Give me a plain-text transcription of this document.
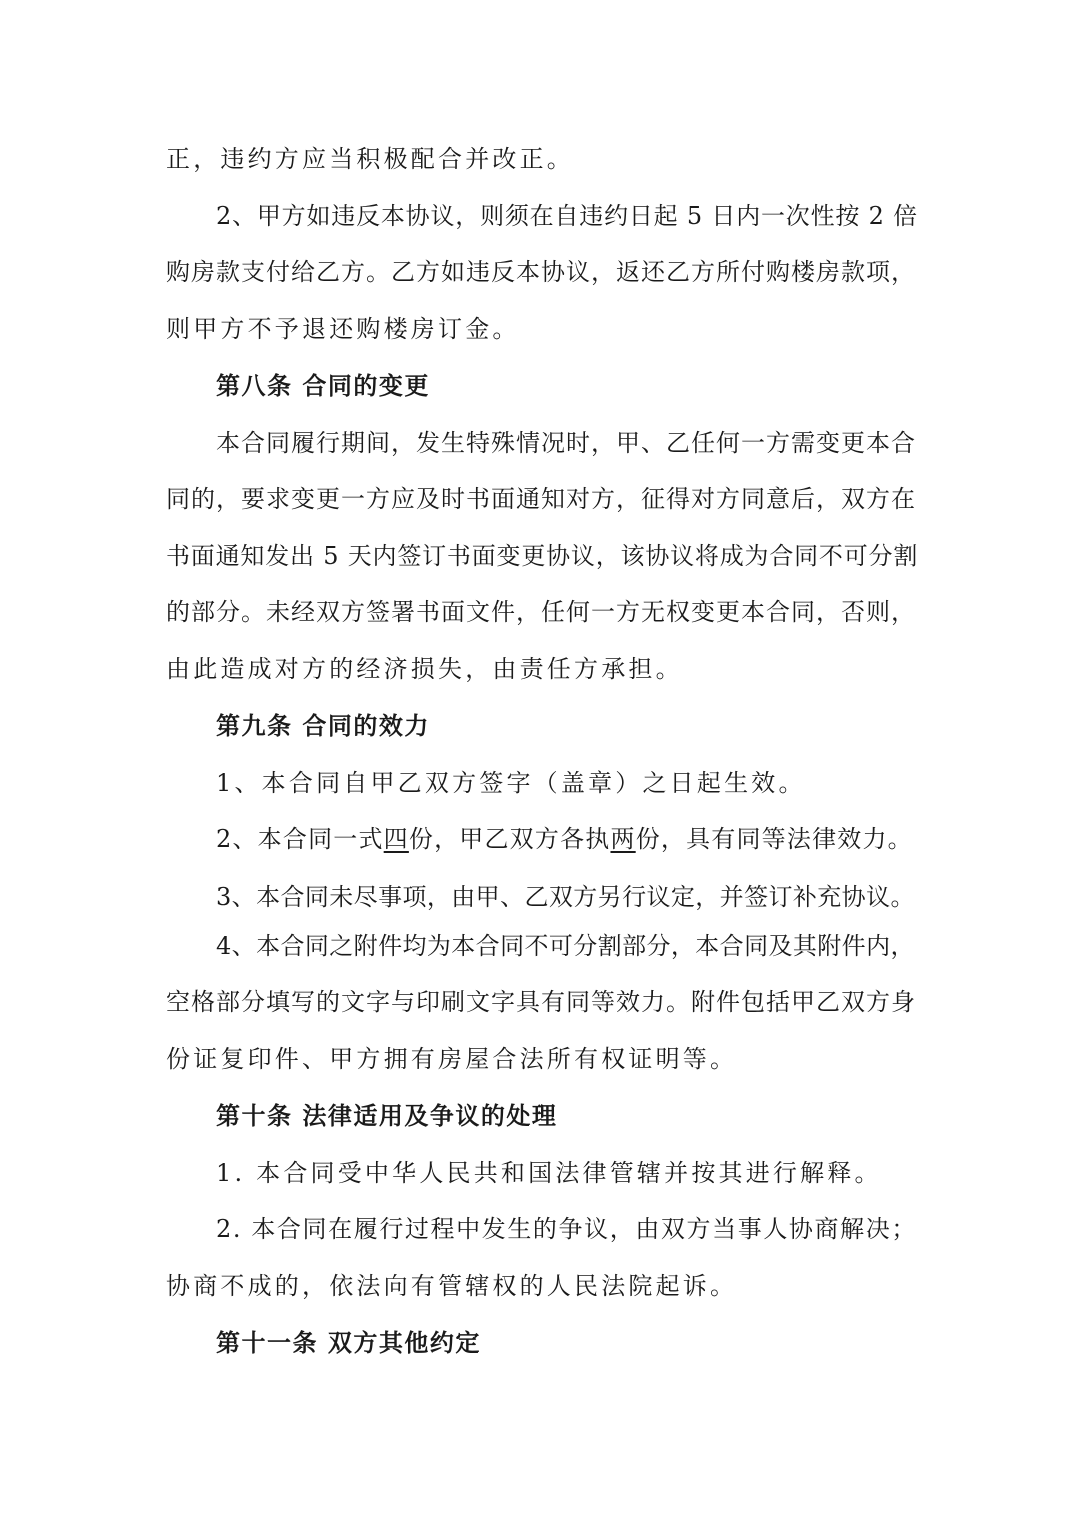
正，违约方应当积极配合并改正。

2、甲方如违反本协议，则须在自违约日起 5 日内一次性按 2 倍

购房款支付给乙方。乙方如违反本协议，返还乙方所付购楼房款项，

则甲方不予退还购楼房订金。

第八条 合同的变更

本合同履行期间，发生特殊情况时，甲、乙任何一方需变更本合

同的，要求变更一方应及时书面通知对方，征得对方同意后，双方在

书面通知发出 5 天内签订书面变更协议，该协议将成为合同不可分割

的部分。未经双方签署书面文件，任何一方无权变更本合同，否则，

由此造成对方的经济损失，由责任方承担。

第九条 合同的效力

1、本合同自甲乙双方签字（盖章）之日起生效。

2、本合同一式四份，甲乙双方各执两份，具有同等法律效力。

3、本合同未尽事项，由甲、乙双方另行议定，并签订补充协议。

4、本合同之附件均为本合同不可分割部分，本合同及其附件内，

空格部分填写的文字与印刷文字具有同等效力。附件包括甲乙双方身

份证复印件、甲方拥有房屋合法所有权证明等。

第十条 法律适用及争议的处理

1. 本合同受中华人民共和国法律管辖并按其进行解释。

2. 本合同在履行过程中发生的争议，由双方当事人协商解决；

协商不成的，依法向有管辖权的人民法院起诉。

第十一条 双方其他约定
